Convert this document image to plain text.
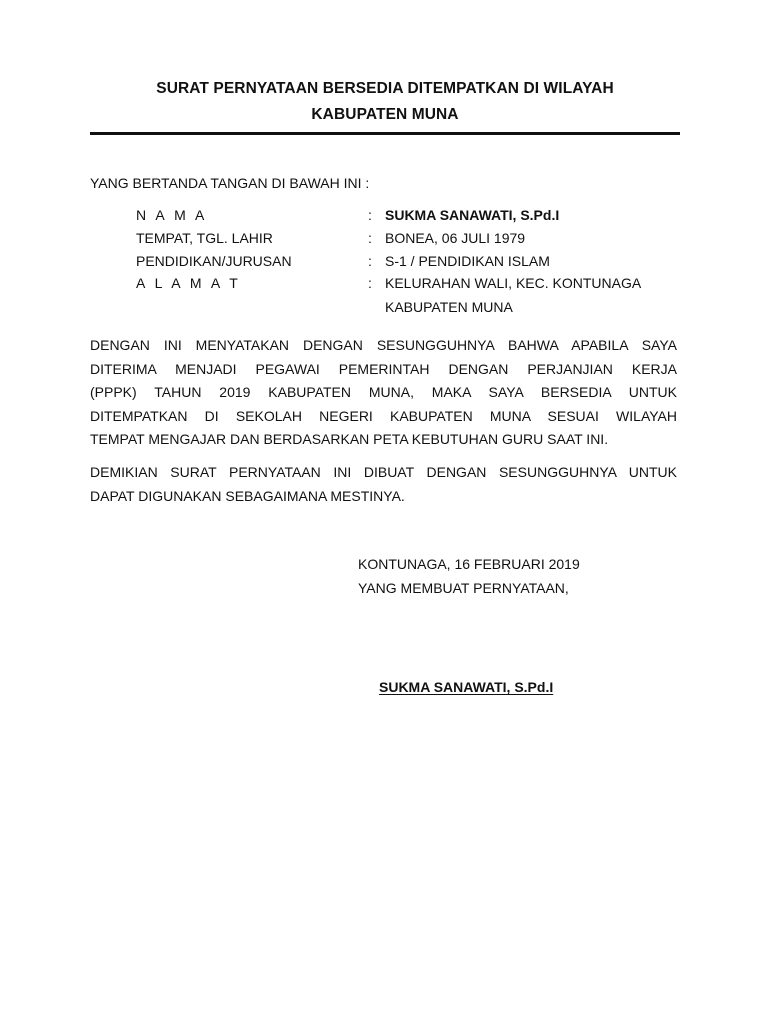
SURAT PERNYATAAN BERSEDIA DITEMPATKAN DI WILAYAH
KABUPATEN MUNA
YANG BERTANDA TANGAN DI BAWAH INI :
N A M A	: SUKMA SANAWATI, S.Pd.I
TEMPAT, TGL. LAHIR	: BONEA, 06 JULI 1979
PENDIDIKAN/JURUSAN	: S-1 / PENDIDIKAN ISLAM
A L A M A T	: KELURAHAN WALI, KEC. KONTUNAGA
KABUPATEN MUNA
DENGAN INI MENYATAKAN DENGAN SESUNGGUHNYA BAHWA APABILA SAYA
DITERIMA MENJADI PEGAWAI PEMERINTAH DENGAN PERJANJIAN KERJA
(PPPK) TAHUN 2019 KABUPATEN MUNA, MAKA SAYA BERSEDIA UNTUK
DITEMPATKAN DI SEKOLAH NEGERI KABUPATEN MUNA SESUAI WILAYAH
TEMPAT MENGAJAR DAN BERDASARKAN PETA KEBUTUHAN GURU SAAT INI.
DEMIKIAN SURAT PERNYATAAN INI DIBUAT DENGAN SESUNGGUHNYA UNTUK
DAPAT DIGUNAKAN SEBAGAIMANA MESTINYA.
KONTUNAGA, 16 FEBRUARI 2019
YANG MEMBUAT PERNYATAAN,
SUKMA SANAWATI, S.Pd.I
